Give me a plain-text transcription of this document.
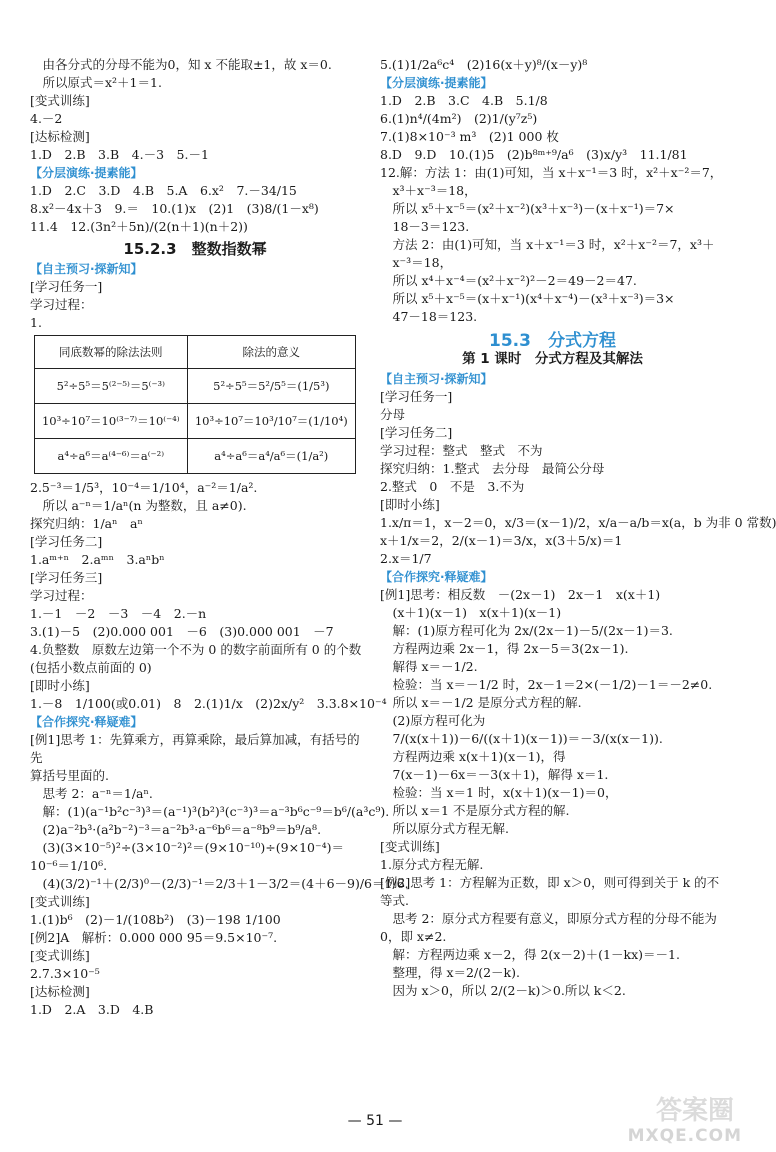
　由各分式的分母不能为0，知 x 不能取±1，故 x＝0.
　所以原式＝x²＋1＝1.
[变式训练]
4.－2
[达标检测]
1.D　2.B　3.B　4.－3　5.－1
【分层演练·提素能】
1.D　2.C　3.D　4.B　5.A　6.x²　7.－34/15
8.x²－4x＋3　9.＝　10.(1)x　(2)1　(3)8/(1－x⁸)
11.4　12.(3n²＋5n)/(2(n＋1)(n＋2))
15.2.3　整数指数幂
【自主预习·探新知】
[学习任务一]
学习过程：
1.
同底数幂的除法法则	除法的意义
5²÷5⁵＝5⁽²⁻⁵⁾＝5⁽⁻³⁾	5²÷5⁵＝5²/5⁵＝(1/5³)
10³÷10⁷＝10⁽³⁻⁷⁾＝10⁽⁻⁴⁾	10³÷10⁷＝10³/10⁷＝(1/10⁴)
a⁴÷a⁶＝a⁽⁴⁻⁶⁾＝a⁽⁻²⁾	a⁴÷a⁶＝a⁴/a⁶＝(1/a²)
2.5⁻³＝1/5³，10⁻⁴＝1/10⁴，a⁻²＝1/a².
　所以 a⁻ⁿ＝1/aⁿ(n 为整数，且 a≠0).
探究归纳：1/aⁿ　aⁿ
[学习任务二]
1.aᵐ⁺ⁿ　2.aᵐⁿ　3.aⁿbⁿ
[学习任务三]
学习过程：
1.－1　－2　－3　－4　2.－n
3.(1)－5　(2)0.000 001　－6　(3)0.000 001　－7
4.负整数　原数左边第一个不为 0 的数字前面所有 0 的个数
(包括小数点前面的 0)
[即时小练]
1.－8　1/100(或0.01)　8　2.(1)1/x　(2)2x/y²　3.3.8×10⁻⁴
【合作探究·释疑难】
[例1]思考 1：先算乘方，再算乘除，最后算加减，有括号的先
算括号里面的.
　思考 2：a⁻ⁿ＝1/aⁿ.
　解：(1)(a⁻¹b²c⁻³)³＝(a⁻¹)³(b²)³(c⁻³)³＝a⁻³b⁶c⁻⁹＝b⁶/(a³c⁹).
　(2)a⁻²b³·(a²b⁻²)⁻³＝a⁻²b³·a⁻⁶b⁶＝a⁻⁸b⁹＝b⁹/a⁸.
　(3)(3×10⁻⁵)²÷(3×10⁻²)²＝(9×10⁻¹⁰)÷(9×10⁻⁴)＝
10⁻⁶＝1/10⁶.
　(4)(3/2)⁻¹＋(2/3)⁰－(2/3)⁻¹＝2/3＋1－3/2＝(4＋6－9)/6＝1/6.
[变式训练]
1.(1)b⁶　(2)－1/(108b²)　(3)－198 1/100
[例2]A　解析：0.000 000 95＝9.5×10⁻⁷.
[变式训练]
2.7.3×10⁻⁵
[达标检测]
1.D　2.A　3.D　4.B
5.(1)1/2a⁶c⁴　(2)16(x＋y)⁸/(x－y)⁸
【分层演练·提素能】
1.D　2.B　3.C　4.B　5.1/8
6.(1)n⁴/(4m²)　(2)1/(y⁷z⁵)
7.(1)8×10⁻³ m³　(2)1 000 枚
8.D　9.D　10.(1)5　(2)b⁸ᵐ⁺⁹/a⁶　(3)x/y³　11.1/81
12.解：方法 1：由(1)可知，当 x＋x⁻¹＝3 时，x²＋x⁻²＝7，
　x³＋x⁻³＝18，
　所以 x⁵＋x⁻⁵＝(x²＋x⁻²)(x³＋x⁻³)－(x＋x⁻¹)＝7×
　18－3＝123.
　方法 2：由(1)可知，当 x＋x⁻¹＝3 时，x²＋x⁻²＝7，x³＋
　x⁻³＝18，
　所以 x⁴＋x⁻⁴＝(x²＋x⁻²)²－2＝49－2＝47.
　所以 x⁵＋x⁻⁵＝(x＋x⁻¹)(x⁴＋x⁻⁴)－(x³＋x⁻³)＝3×
　47－18＝123.
15.3　分式方程
第 1 课时　分式方程及其解法
【自主预习·探新知】
[学习任务一]
分母
[学习任务二]
学习过程：整式　整式　不为
探究归纳：1.整式　去分母　最简公分母
2.整式　0　不是　3.不为
[即时小练]
1.x/π＝1，x－2＝0，x/3＝(x－1)/2，x/a－a/b＝x(a，b 为非 0 常数)
x＋1/x＝2，2/(x－1)＝3/x，x(3＋5/x)＝1
2.x＝1/7
【合作探究·释疑难】
[例1]思考：相反数　－(2x－1)　2x－1　x(x＋1)
　(x＋1)(x－1)　x(x＋1)(x－1)
　解：(1)原方程可化为 2x/(2x－1)－5/(2x－1)＝3.
　方程两边乘 2x－1，得 2x－5＝3(2x－1).
　解得 x＝－1/2.
　检验：当 x＝－1/2 时，2x－1＝2×(－1/2)－1＝－2≠0.
　所以 x＝－1/2 是原分式方程的解.
　(2)原方程可化为
　7/(x(x＋1))－6/((x＋1)(x－1))＝－3/(x(x－1)).
　方程两边乘 x(x＋1)(x－1)，得
　7(x－1)－6x＝－3(x＋1)，解得 x＝1.
　检验：当 x＝1 时，x(x＋1)(x－1)＝0，
　所以 x＝1 不是原分式方程的解.
　所以原分式方程无解.
[变式训练]
1.原分式方程无解.
[例2]思考 1：方程解为正数，即 x＞0，则可得到关于 k 的不
等式.
　思考 2：原分式方程要有意义，即原分式方程的分母不能为
0，即 x≠2.
　解：方程两边乘 x－2，得 2(x－2)＋(1－kx)＝－1.
　整理，得 x＝2/(2－k).
　因为 x＞0，所以 2/(2－k)＞0.所以 k＜2.
— 51 —	答案圈
MXQE.COM
